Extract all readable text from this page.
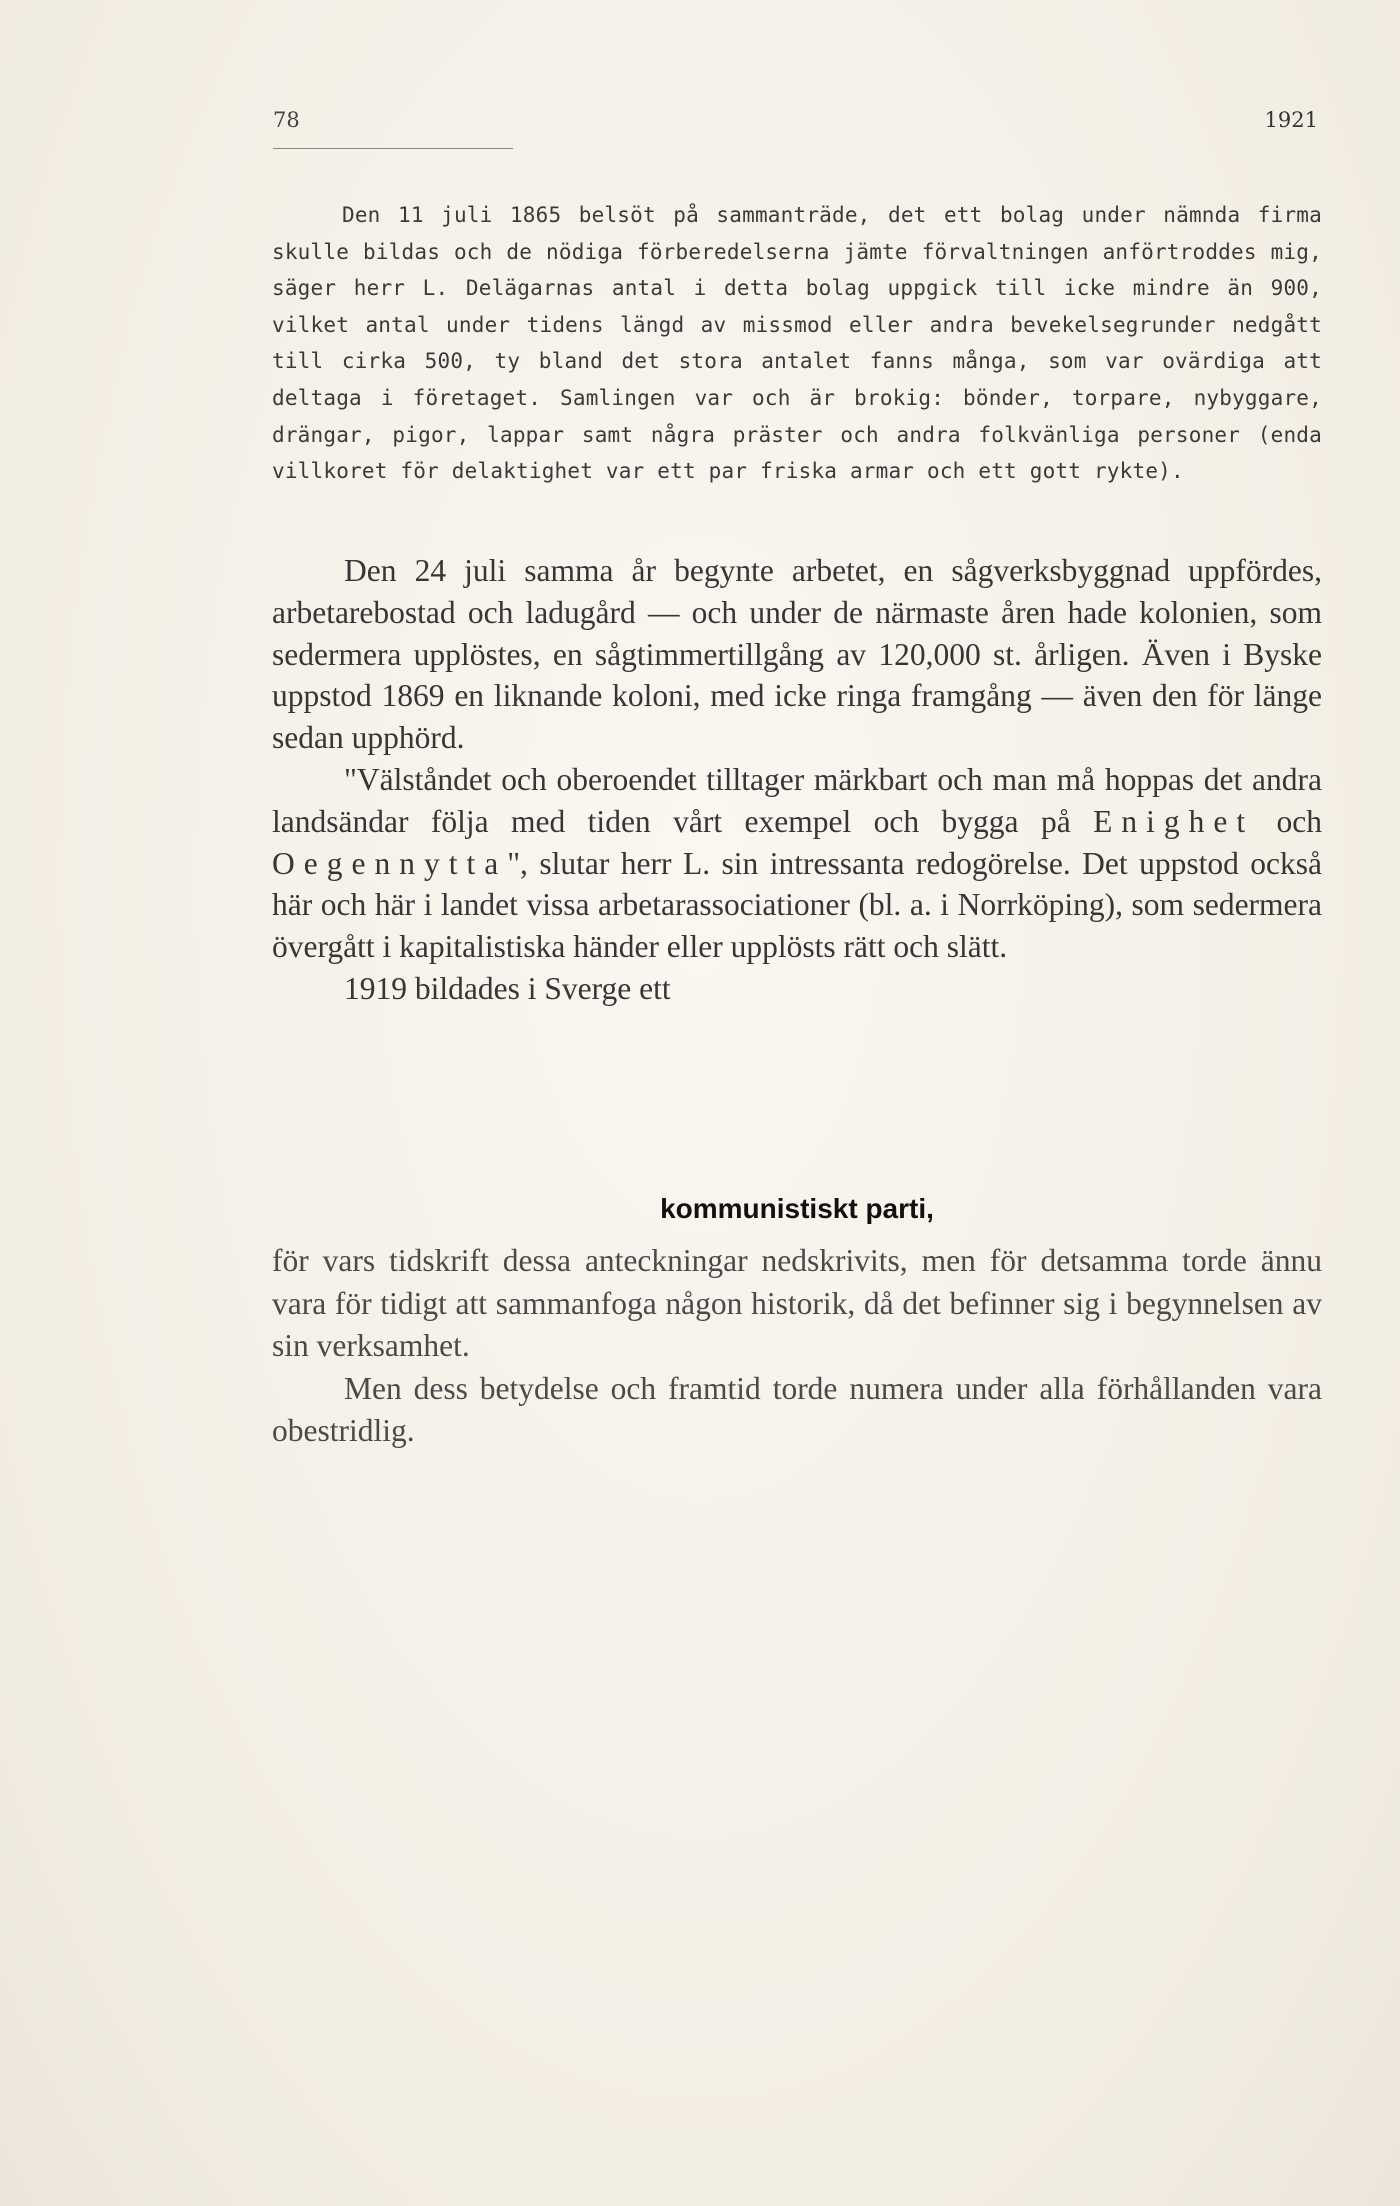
78	1921

Den 11 juli 1865 belsöt på sammanträde, det ett bolag under nämnda firma skulle bildas och de nödiga förberedelserna jämte förvaltningen anförtroddes mig, säger herr L. Delägarnas antal i detta bolag uppgick till icke mindre än 900, vilket antal under tidens längd av missmod eller andra bevekelsegrunder nedgått till cirka 500, ty bland det stora antalet fanns många, som var ovärdiga att deltaga i företaget. Samlingen var och är brokig: bönder, torpare, nybyggare, drängar, pigor, lappar samt några präster och andra folkvänliga personer (enda villkoret för delaktighet var ett par friska armar och ett gott rykte).

Den 24 juli samma år begynte arbetet, en sågverksbyggnad uppfördes, arbetarebostad och ladugård — och under de närmaste åren hade kolonien, som sedermera upplöstes, en sågtimmertillgång av 120,000 st. årligen. Även i Byske uppstod 1869 en liknande koloni, med icke ringa framgång — även den för länge sedan upphörd.

"Välståndet och oberoendet tilltager märkbart och man må hoppas det andra landsändar följa med tiden vårt exempel och bygga på Enighet och Oegennytta", slutar herr L. sin intressanta redogörelse. Det uppstod också här och här i landet vissa arbetarassociationer (bl. a. i Norrköping), som sedermera övergått i kapitalistiska händer eller upplösts rätt och slätt.

1919 bildades i Sverge ett

kommunistiskt parti,

för vars tidskrift dessa anteckningar nedskrivits, men för detsamma torde ännu vara för tidigt att sammanfoga någon historik, då det befinner sig i begynnelsen av sin verksamhet.

Men dess betydelse och framtid torde numera under alla förhållanden vara obestridlig.
